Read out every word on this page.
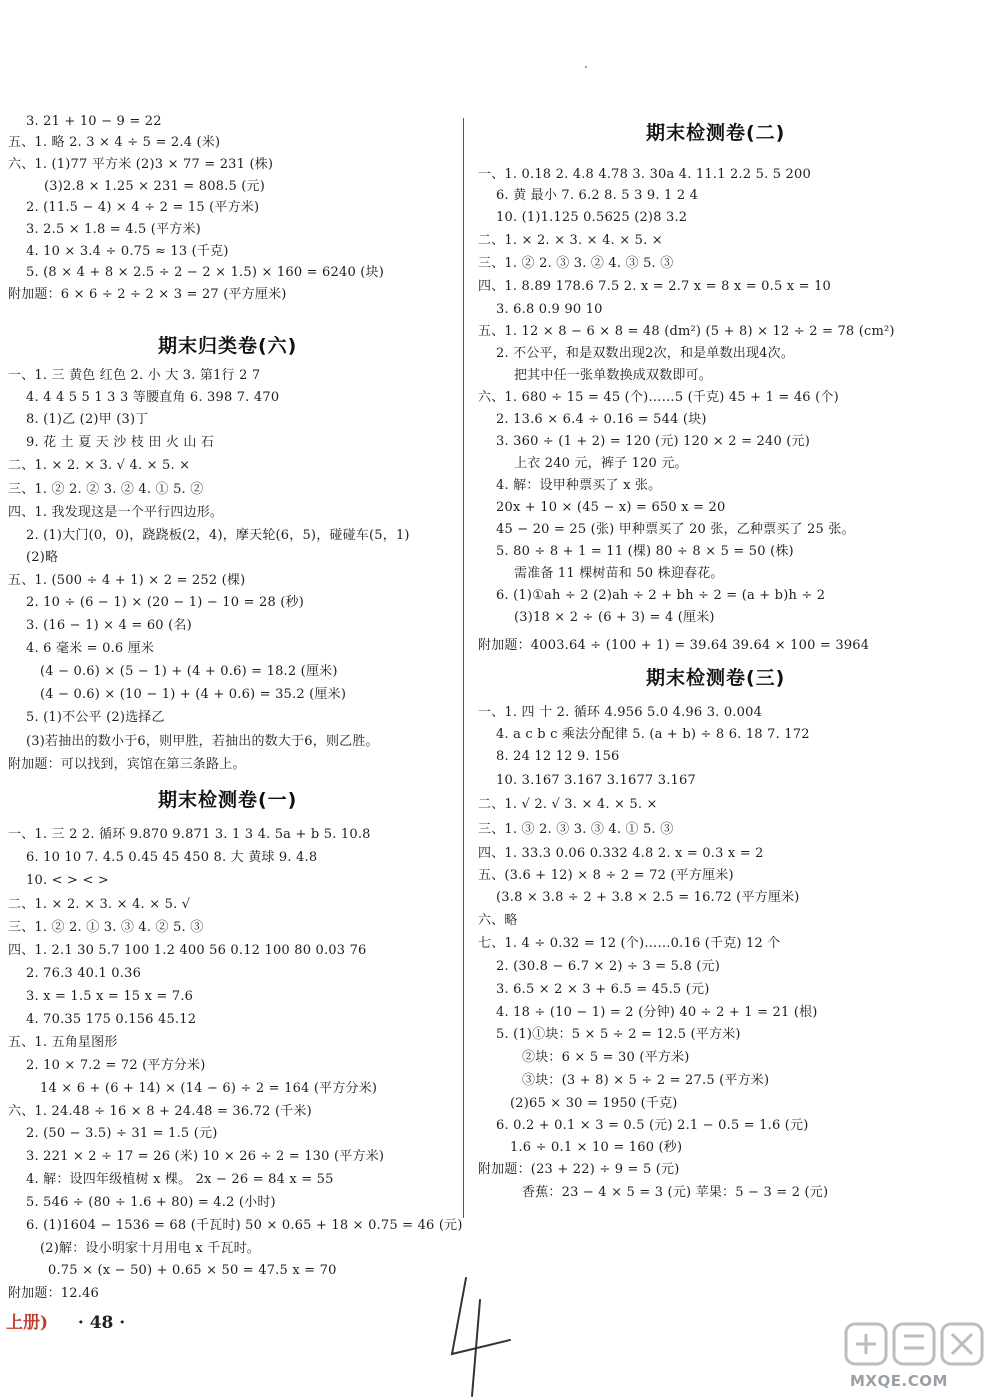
3. 21 + 10 − 9 = 22
五、1. 略 2. 3 × 4 ÷ 5 = 2.4 (米)
六、1. (1)77 平方米 (2)3 × 77 = 231 (株)
(3)2.8 × 1.25 × 231 = 808.5 (元)
2. (11.5 − 4) × 4 ÷ 2 = 15 (平方米)
3. 2.5 × 1.8 = 4.5 (平方米)
4. 10 × 3.4 ÷ 0.75 ≈ 13 (千克)
5. (8 × 4 + 8 × 2.5 ÷ 2 − 2 × 1.5) × 160 = 6240 (块)
附加题：6 × 6 ÷ 2 ÷ 2 × 3 = 27 (平方厘米)
期末归类卷(六)
一、1. 三 黄色 红色 2. 小 大 3. 第1行 2 7
4. 4 4 5 5 1 3 3 等腰直角 6. 398 7. 470
8. (1)乙 (2)甲 (3)丁
9. 花 土 夏 天 沙 枝 田 火 山 石
二、1. × 2. × 3. √ 4. × 5. ×
三、1. ② 2. ② 3. ② 4. ① 5. ②
四、1. 我发现这是一个平行四边形。
2. (1)大门(0，0)，跷跷板(2，4)，摩天轮(6，5)，碰碰车(5，1)
(2)略
五、1. (500 ÷ 4 + 1) × 2 = 252 (棵)
2. 10 ÷ (6 − 1) × (20 − 1) − 10 = 28 (秒)
3. (16 − 1) × 4 = 60 (名)
4. 6 毫米 = 0.6 厘米
(4 − 0.6) × (5 − 1) + (4 + 0.6) = 18.2 (厘米)
(4 − 0.6) × (10 − 1) + (4 + 0.6) = 35.2 (厘米)
5. (1)不公平 (2)选择乙
(3)若抽出的数小于6，则甲胜，若抽出的数大于6，则乙胜。
附加题：可以找到，宾馆在第三条路上。
期末检测卷(一)
一、1. 三 2 2. 循环 9.870 9.871 3. 1 3 4. 5a + b 5. 10.8
6. 10 10 7. 4.5 0.45 45 450 8. 大 黄球 9. 4.8
10. < > < >
二、1. × 2. × 3. × 4. × 5. √
三、1. ② 2. ① 3. ③ 4. ② 5. ③
四、1. 2.1 30 5.7 100 1.2 400 56 0.12 100 80 0.03 76
2. 76.3 40.1 0.36
3. x = 1.5 x = 15 x = 7.6
4. 70.35 175 0.156 45.12
五、1. 五角星图形
2. 10 × 7.2 = 72 (平方分米)
14 × 6 + (6 + 14) × (14 − 6) ÷ 2 = 164 (平方分米)
六、1. 24.48 ÷ 16 × 8 + 24.48 = 36.72 (千米)
2. (50 − 3.5) ÷ 31 = 1.5 (元)
3. 221 × 2 ÷ 17 = 26 (米) 10 × 26 ÷ 2 = 130 (平方米)
4. 解：设四年级植树 x 棵。 2x − 26 = 84 x = 55
5. 546 ÷ (80 ÷ 1.6 + 80) = 4.2 (小时)
6. (1)1604 − 1536 = 68 (千瓦时) 50 × 0.65 + 18 × 0.75 = 46 (元)
(2)解：设小明家十月用电 x 千瓦时。
0.75 × (x − 50) + 0.65 × 50 = 47.5 x = 70
附加题：12.46
期末检测卷(二)
一、1. 0.18 2. 4.8 4.78 3. 30a 4. 11.1 2.2 5. 5 200
6. 黄 最小 7. 6.2 8. 5 3 9. 1 2 4
10. (1)1.125 0.5625 (2)8 3.2
二、1. × 2. × 3. × 4. × 5. ×
三、1. ② 2. ③ 3. ② 4. ③ 5. ③
四、1. 8.89 178.6 7.5 2. x = 2.7 x = 8 x = 0.5 x = 10
3. 6.8 0.9 90 10
五、1. 12 × 8 − 6 × 8 = 48 (dm²) (5 + 8) × 12 ÷ 2 = 78 (cm²)
2. 不公平，和是双数出现2次，和是单数出现4次。
把其中任一张单数换成双数即可。
六、1. 680 ÷ 15 = 45 (个)……5 (千克) 45 + 1 = 46 (个)
2. 13.6 × 6.4 ÷ 0.16 = 544 (块)
3. 360 ÷ (1 + 2) = 120 (元) 120 × 2 = 240 (元)
上衣 240 元，裤子 120 元。
4. 解：设甲种票买了 x 张。
20x + 10 × (45 − x) = 650 x = 20
45 − 20 = 25 (张) 甲种票买了 20 张，乙种票买了 25 张。
5. 80 ÷ 8 + 1 = 11 (棵) 80 ÷ 8 × 5 = 50 (株)
需准备 11 棵树苗和 50 株迎春花。
6. (1)①ah ÷ 2 (2)ah ÷ 2 + bh ÷ 2 = (a + b)h ÷ 2
(3)18 × 2 ÷ (6 + 3) = 4 (厘米)
附加题：4003.64 ÷ (100 + 1) = 39.64 39.64 × 100 = 3964
期末检测卷(三)
一、1. 四 十 2. 循环 4.956 5.0 4.96 3. 0.004
4. a c b c 乘法分配律 5. (a + b) ÷ 8 6. 18 7. 172
8. 24 12 12 9. 156
10. 3.167 3.167 3.1677 3.167
二、1. √ 2. √ 3. × 4. × 5. ×
三、1. ③ 2. ③ 3. ③ 4. ① 5. ③
四、1. 33.3 0.06 0.332 4.8 2. x = 0.3 x = 2
五、(3.6 + 12) × 8 ÷ 2 = 72 (平方厘米)
(3.8 × 3.8 ÷ 2 + 3.8 × 2.5 = 16.72 (平方厘米)
六、略
七、1. 4 ÷ 0.32 = 12 (个)……0.16 (千克) 12 个
2. (30.8 − 6.7 × 2) ÷ 3 = 5.8 (元)
3. 6.5 × 2 × 3 + 6.5 = 45.5 (元)
4. 18 ÷ (10 − 1) = 2 (分钟) 40 ÷ 2 + 1 = 21 (根)
5. (1)①块：5 × 5 ÷ 2 = 12.5 (平方米)
②块：6 × 5 = 30 (平方米)
③块：(3 + 8) × 5 ÷ 2 = 27.5 (平方米)
(2)65 × 30 = 1950 (千克)
6. 0.2 + 0.1 × 3 = 0.5 (元) 2.1 − 0.5 = 1.6 (元)
1.6 ÷ 0.1 × 10 = 160 (秒)
附加题：(23 + 22) ÷ 9 = 5 (元)
香蕉：23 − 4 × 5 = 3 (元) 苹果：5 − 3 = 2 (元)
上册) · 48 ·
MXQE.COM
